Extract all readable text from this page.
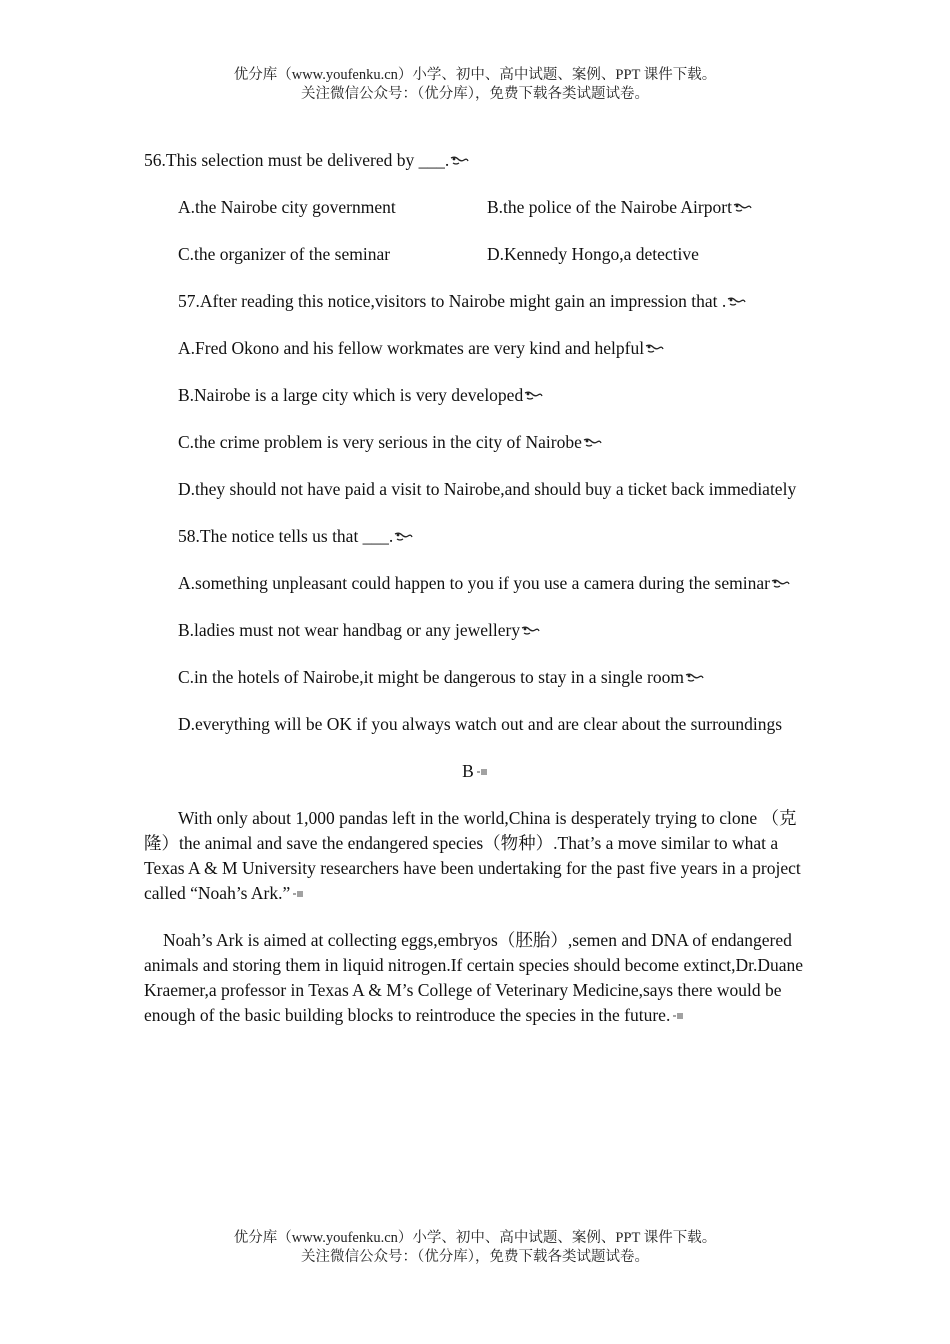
优分库（www.youfenku.cn）小学、初中、高中试题、案例、PPT 课件下载。
关注微信公众号：（优分库），免费下载各类试题试卷。

56.This selection must be delivered by ___.

A.the Nairobe city government	B.the police of the Nairobe Airport
C.the organizer of the seminar	D.Kennedy Hongo,a detective

57.After reading this notice,visitors to Nairobe might gain an impression that .

A.Fred Okono and his fellow workmates are very kind and helpful

B.Nairobe is a large city which is very developed

C.the crime problem is very serious in the city of Nairobe

D.they should not have paid a visit to Nairobe,and should buy a ticket back immediately

58.The notice tells us that ___.

A.something unpleasant could happen to you if you use a camera during the seminar

B.ladies must not wear handbag or any jewellery

C.in the hotels of Nairobe,it might be dangerous to stay in a single room

D.everything will be OK if you always watch out and are clear about the surroundings

B

With only about 1,000 pandas left in the world,China is desperately trying to clone （克隆）the animal and save the endangered species（物种）.That’s a move similar to what a Texas A & M University researchers have been undertaking for the past five years in a project called “Noah’s Ark.”

Noah’s Ark is aimed at collecting eggs,embryos（胚胎）,semen and DNA of endangered animals and storing them in liquid nitrogen.If certain species should become extinct,Dr.Duane Kraemer,a professor in Texas A & M’s College of Veterinary Medicine,says there would be enough of the basic building blocks to reintroduce the species in the future.

优分库（www.youfenku.cn）小学、初中、高中试题、案例、PPT 课件下载。
关注微信公众号：（优分库），免费下载各类试题试卷。
